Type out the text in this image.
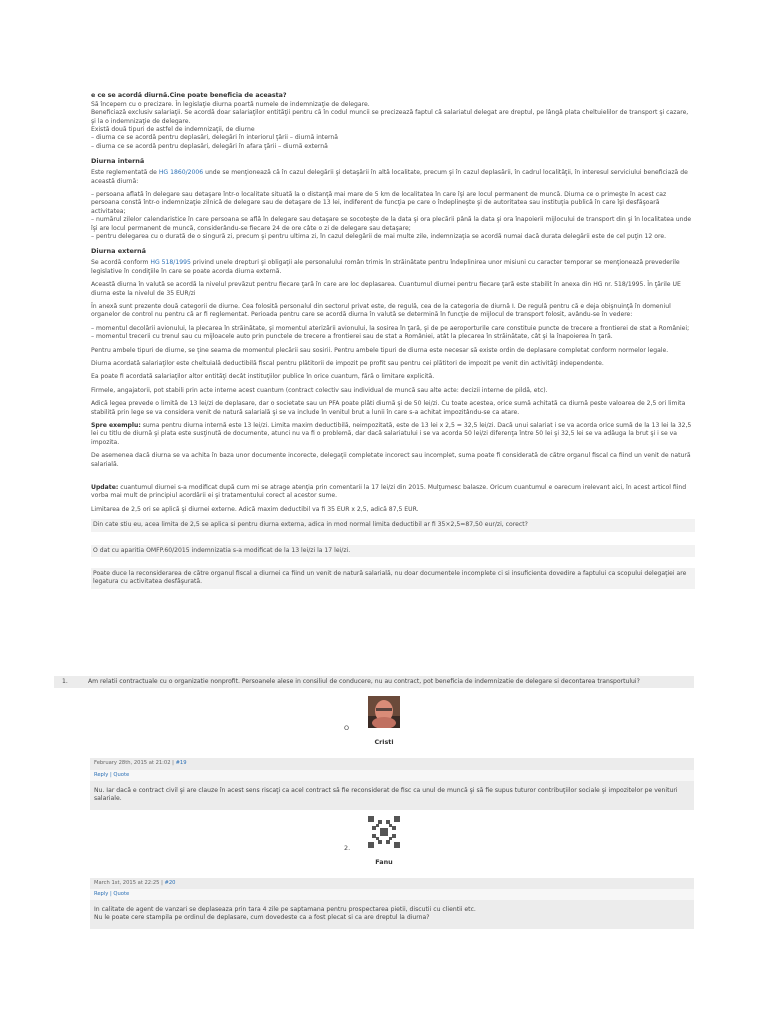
e ce se acordă diurnă.Cine poate beneficia de aceasta?
Să începem cu o precizare. În legislaţie diurna poartă numele de indemnizaţie de delegare.
Beneficiază exclusiv salariaţii. Se acordă doar salariaţilor entităţii pentru că în codul muncii se precizează faptul că salariatul delegat are dreptul, pe lângă plata cheltuielilor de transport şi cazare, şi la o indemnizaţie de delegare.
Există două tipuri de astfel de indemnizaţii, de diurne
– diurna ce se acordă pentru deplasări, delegări în interiorul ţării – diurnă internă
– diurna ce se acordă pentru deplasări, delegări în afara ţării – diurnă externă
Diurna internă

Este reglementată de HG 1860/2006 unde se menţionează că în cazul delegării şi detaşării în altă localitate, precum şi în cazul deplasării, în cadrul localităţii, în interesul serviciului beneficiază de această diurnă:

– persoana aflată în delegare sau detaşare într-o localitate situată la o distanţă mai mare de 5 km de localitatea în care îşi are locul permanent de muncă. Diurna ce o primeşte în acest caz persoana constă într-o indemnizaţie zilnică de delegare sau de detaşare de 13 lei, indiferent de funcţia pe care o îndeplineşte şi de autoritatea sau instituţia publică în care îşi desfăşoară activitatea;
– numărul zilelor calendaristice în care persoana se află în delegare sau detaşare se socoteşte de la data şi ora plecării până la data şi ora înapoierii mijlocului de transport din şi în localitatea unde îşi are locul permanent de muncă, considerându-se fiecare 24 de ore câte o zi de delegare sau detaşare;
– pentru delegarea cu o durată de o singură zi, precum şi pentru ultima zi, în cazul delegării de mai multe zile, indemnizaţia se acordă numai dacă durata delegării este de cel puţin 12 ore.
Diurna externă

Se acordă conform HG 518/1995 privind unele drepturi şi obligaţii ale personalului român trimis în străinătate pentru îndeplinirea unor misiuni cu caracter temporar se menţionează prevederile legislative în condiţiile în care se poate acorda diurna externă.

Această diurna în valută se acordă la nivelul prevăzut pentru fiecare ţară în care are loc deplasarea. Cuantumul diurnei pentru fiecare ţară este stabilit în anexa din HG nr. 518/1995. În ţările UE diurna este la nivelul de 35 EUR/zi

În anexă sunt prezente două categorii de diurne. Cea folosită personalul din sectorul privat este, de regulă, cea de la categoria de diurnă I. De regulă pentru că e deja obişnuinţă în domeniul organelor de control nu pentru că ar fi reglementat. Perioada pentru care se acordă diurna în valută se determină în funcţie de mijlocul de transport folosit, avându-se în vedere:

– momentul decolării avionului, la plecarea în străinătate, şi momentul aterizării avionului, la sosirea în ţară, şi de pe aeroporturile care constituie puncte de trecere a frontierei de stat a României;
– momentul trecerii cu trenul sau cu mijloacele auto prin punctele de trecere a frontierei sau de stat a României, atât la plecarea în străinătate, cât şi la înapoierea în ţară.

Pentru ambele tipuri de diurne, se ţine seama de momentul plecării sau sosirii. Pentru ambele tipuri de diurna este necesar să existe ordin de deplasare completat conform normelor legale.

Diurna acordată salariaţilor este cheltuială deductibilă fiscal pentru plătitorii de impozit pe profit sau pentru cei plătitori de impozit pe venit din activităţi independente.

Ea poate fi acordată salariaţilor altor entităţi decât instituţiilor publice în orice cuantum, fără o limitare explicită.

Firmele, angajatorii, pot stabili prin acte interne acest cuantum (contract colectiv sau individual de muncă sau alte acte: decizii interne de pildă, etc).

Adică legea prevede o limită de 13 lei/zi de deplasare, dar o societate sau un PFA poate plăti diurnă şi de 50 lei/zi. Cu toate acestea, orice sumă achitată ca diurnă peste valoarea de 2,5 ori limita stabilită prin lege se va considera venit de natură salarială şi se va include în venitul brut a lunii în care s-a achitat impozitându-se ca atare.

Spre exemplu: suma pentru diurna internă este 13 lei/zi. Limita maxim deductibilă, neimpozitată, este de 13 lei x 2,5 = 32,5 lei/zi. Dacă unui salariat i se va acorda orice sumă de la 13 lei la 32,5 lei cu titlu de diurnă şi plata este susţinută de documente, atunci nu va fi o problemă, dar dacă salariatului i se va acorda 50 lei/zi diferenţa între 50 lei şi 32,5 lei se va adăuga la brut şi i se va impozita.

De asemenea dacă diurna se va achita în baza unor documente incorecte, delegaţii completate incorect sau incomplet, suma poate fi considerată de către organul fiscal ca fiind un venit de natură salarială.

Update: cuantumul diurnei s-a modificat după cum mi se atrage atenţia prin comentarii la 17 lei/zi din 2015. Mulţumesc balasze. Oricum cuantumul e oarecum irelevant aici, în acest articol fiind vorba mai mult de principiul acordării ei şi tratamentului corect al acestor sume.

Limitarea de 2,5 ori se aplică şi diurnei externe. Adică maxim deductibil va fi 35 EUR x 2,5, adică 87,5 EUR.

Din cate stiu eu, acea limita de 2,5 se aplica si pentru diurna externa, adica in mod normal limita deductibil ar fi 35×2,5=87,50 eur/zi, corect?
O dat cu aparitia OMFP.60/2015 indemnizatia s-a modificat de la 13 lei/zi la 17 lei/zi.
Poate duce la reconsiderarea de către organul fiscal a diurnei ca fiind un venit de natură salarială, nu doar documentele incomplete ci si insuficienta dovedire a faptului ca scopului delegaţiei are legatura cu activitatea desfăşurată.
1.	Am relatii contractuale cu o organizatie nonprofit. Persoanele alese in consiliul de conducere, nu au contract, pot beneficia de indemnizatie de delegare si decontarea transportului?
O
Cristi
February 28th, 2015 at 21:02 | #19
Reply | Quote
Nu. Iar dacă e contract civil şi are clauze în acest sens riscaţi ca acel contract să fie reconsiderat de fisc ca unul de muncă şi să fie supus tuturor contribuţiilor sociale şi impozitelor pe venituri salariale.
2.
Fanu
March 1st, 2015 at 22:25 | #20
Reply | Quote
In calitate de agent de vanzari se deplaseaza prin tara 4 zile pe saptamana pentru prospectarea pietii, discutii cu clientii etc.
Nu le poate cere stampila pe ordinul de deplasare, cum dovedeste ca a fost plecat si ca are dreptul la diurna?
